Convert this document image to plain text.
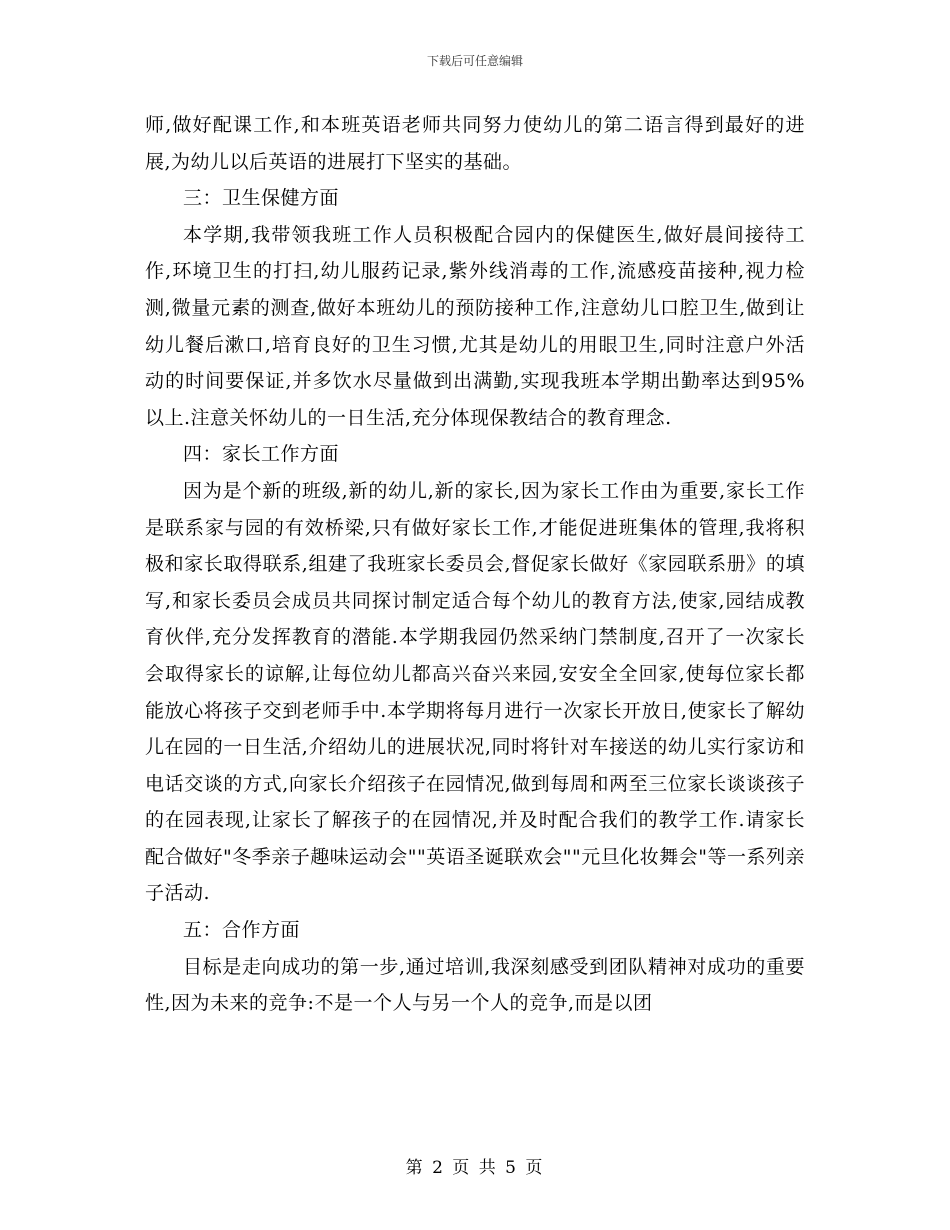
下载后可任意编辑

师,做好配课工作,和本班英语老师共同努力使幼儿的第二语言得到最好的进展,为幼儿以后英语的进展打下坚实的基础。

三：卫生保健方面

本学期,我带领我班工作人员积极配合园内的保健医生,做好晨间接待工作,环境卫生的打扫,幼儿服药记录,紫外线消毒的工作,流感疫苗接种,视力检测,微量元素的测查,做好本班幼儿的预防接种工作,注意幼儿口腔卫生,做到让幼儿餐后漱口,培育良好的卫生习惯,尤其是幼儿的用眼卫生,同时注意户外活动的时间要保证,并多饮水尽量做到出满勤,实现我班本学期出勤率达到95%以上.注意关怀幼儿的一日生活,充分体现保教结合的教育理念.

四：家长工作方面

因为是个新的班级,新的幼儿,新的家长,因为家长工作由为重要,家长工作是联系家与园的有效桥梁,只有做好家长工作,才能促进班集体的管理,我将积极和家长取得联系,组建了我班家长委员会,督促家长做好《家园联系册》的填写,和家长委员会成员共同探讨制定适合每个幼儿的教育方法,使家,园结成教育伙伴,充分发挥教育的潜能.本学期我园仍然采纳门禁制度,召开了一次家长会取得家长的谅解,让每位幼儿都高兴奋兴来园,安安全全回家,使每位家长都能放心将孩子交到老师手中.本学期将每月进行一次家长开放日,使家长了解幼儿在园的一日生活,介绍幼儿的进展状况,同时将针对车接送的幼儿实行家访和电话交谈的方式,向家长介绍孩子在园情况,做到每周和两至三位家长谈谈孩子的在园表现,让家长了解孩子的在园情况,并及时配合我们的教学工作.请家长配合做好"冬季亲子趣味运动会""英语圣诞联欢会""元旦化妆舞会"等一系列亲子活动.

五：合作方面

目标是走向成功的第一步,通过培训,我深刻感受到团队精神对成功的重要性,因为未来的竞争:不是一个人与另一个人的竞争,而是以团

第 2 页 共 5 页
